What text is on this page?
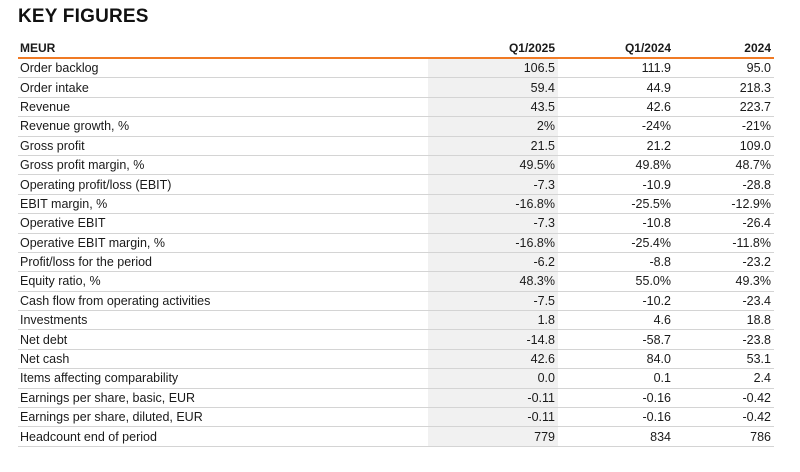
KEY FIGURES
MEUR	Q1/2025	Q1/2024	2024
Order backlog	106.5	111.9	95.0
Order intake	59.4	44.9	218.3
Revenue	43.5	42.6	223.7
Revenue growth, %	2%	-24%	-21%
Gross profit	21.5	21.2	109.0
Gross profit margin, %	49.5%	49.8%	48.7%
Operating profit/loss (EBIT)	-7.3	-10.9	-28.8
EBIT margin, %	-16.8%	-25.5%	-12.9%
Operative EBIT	-7.3	-10.8	-26.4
Operative EBIT margin, %	-16.8%	-25.4%	-11.8%
Profit/loss for the period	-6.2	-8.8	-23.2
Equity ratio, %	48.3%	55.0%	49.3%
Cash flow from operating activities	-7.5	-10.2	-23.4
Investments	1.8	4.6	18.8
Net debt	-14.8	-58.7	-23.8
Net cash	42.6	84.0	53.1
Items affecting comparability	0.0	0.1	2.4
Earnings per share, basic, EUR	-0.11	-0.16	-0.42
Earnings per share, diluted, EUR	-0.11	-0.16	-0.42
Headcount end of period	779	834	786
